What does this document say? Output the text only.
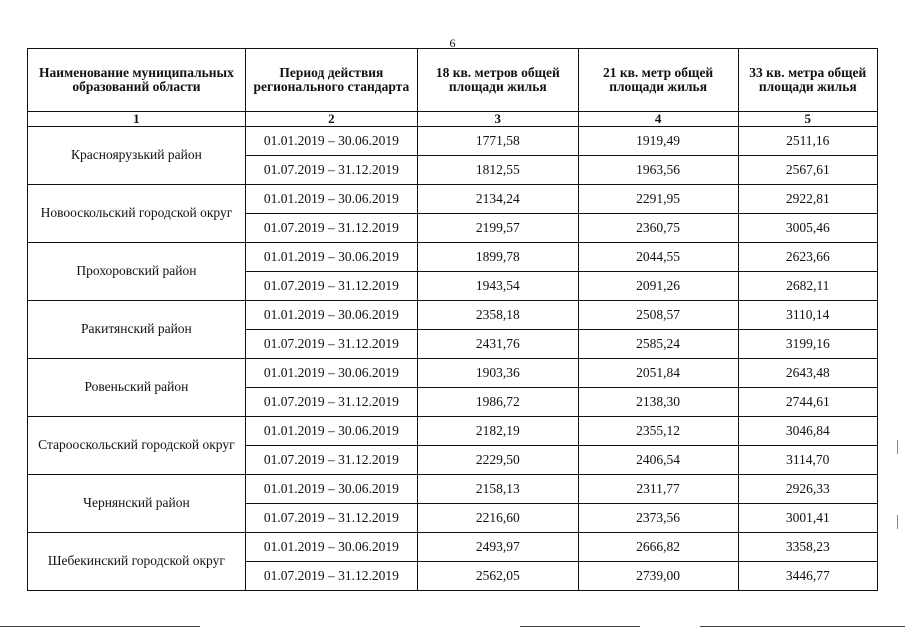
6
Наименование муниципальных образований области	Период действия регионального стандарта	18 кв. метров общей площади жилья	21 кв. метр общей площади жилья	33 кв. метра общей площади жилья
1	2	3	4	5
Красноярузький район	01.01.2019 – 30.06.2019	1771,58	1919,49	2511,16
	01.07.2019 – 31.12.2019	1812,55	1963,56	2567,61
Новооскольский городской округ	01.01.2019 – 30.06.2019	2134,24	2291,95	2922,81
	01.07.2019 – 31.12.2019	2199,57	2360,75	3005,46
Прохоровский район	01.01.2019 – 30.06.2019	1899,78	2044,55	2623,66
	01.07.2019 – 31.12.2019	1943,54	2091,26	2682,11
Ракитянский район	01.01.2019 – 30.06.2019	2358,18	2508,57	3110,14
	01.07.2019 – 31.12.2019	2431,76	2585,24	3199,16
Ровеньский район	01.01.2019 – 30.06.2019	1903,36	2051,84	2643,48
	01.07.2019 – 31.12.2019	1986,72	2138,30	2744,61
Старооскольский городской округ	01.01.2019 – 30.06.2019	2182,19	2355,12	3046,84
	01.07.2019 – 31.12.2019	2229,50	2406,54	3114,70
Чернянский район	01.01.2019 – 30.06.2019	2158,13	2311,77	2926,33
	01.07.2019 – 31.12.2019	2216,60	2373,56	3001,41
Шебекинский городской округ	01.01.2019 – 30.06.2019	2493,97	2666,82	3358,23
	01.07.2019 – 31.12.2019	2562,05	2739,00	3446,77
